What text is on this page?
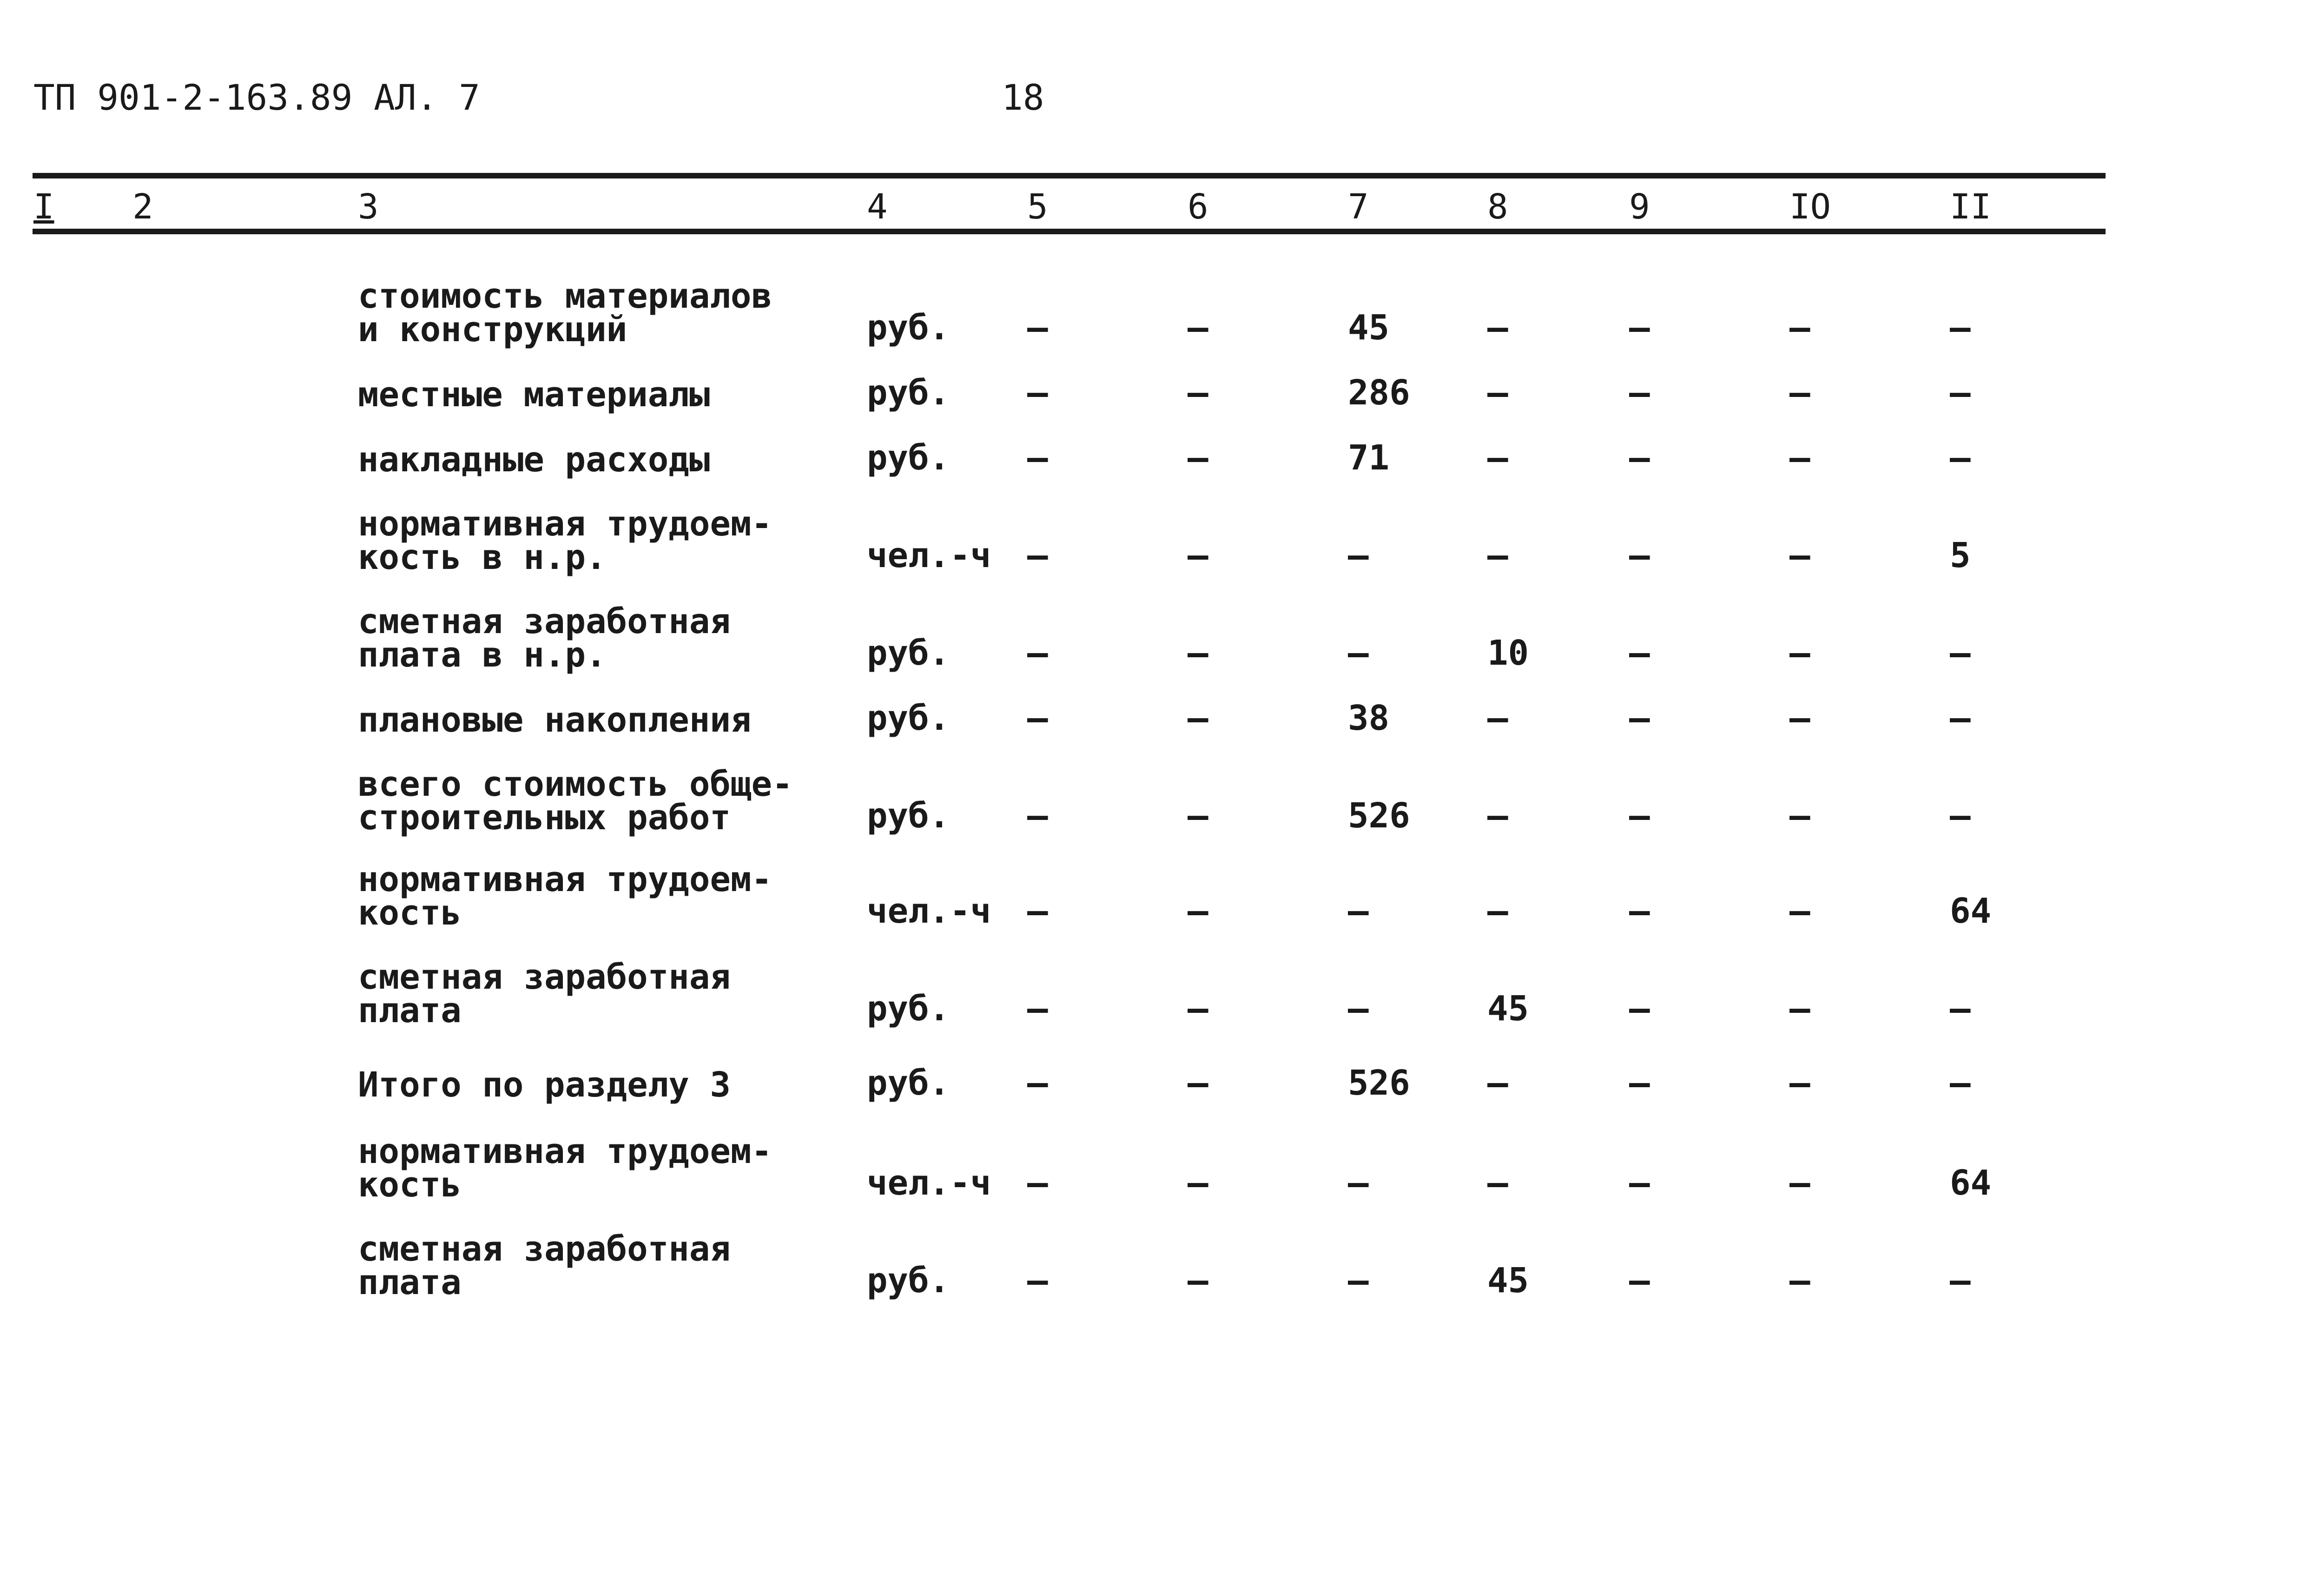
ТП 901-2-163.89 АЛ. 7	18
I 2	3	4	5	6	7	8	9	IO	II
стоимость материалов
и конструкций	руб. –	–	45	–	–	–	–
местные материалы	руб. –	–	286 –	–	–	–
накладные расходы	руб. –	–	71	–	–	–	–
нормативная трудоем-
кость в н.р.	чел.-ч –	–	–	–	–	–	5
сметная заработная
плата в н.р.	руб. –	–	–	10	–	–	–
плановые накопления	руб. –	–	38	–	–	–	–
всего стоимость обще-
строительных работ	руб. –	–	526 –	–	–	–
нормативная трудоем-
кость	чел.-ч –	–	–	–	–	–	64
сметная заработная
плата	руб. –	–	–	45	–	–	–
Итого по разделу 3	руб. –	–	526 –	–	–	–
нормативная трудоем-
кость	чел.-ч –	–	–	–	–	–	64
сметная заработная
плата	руб. –	–	–	45	–	–	–
